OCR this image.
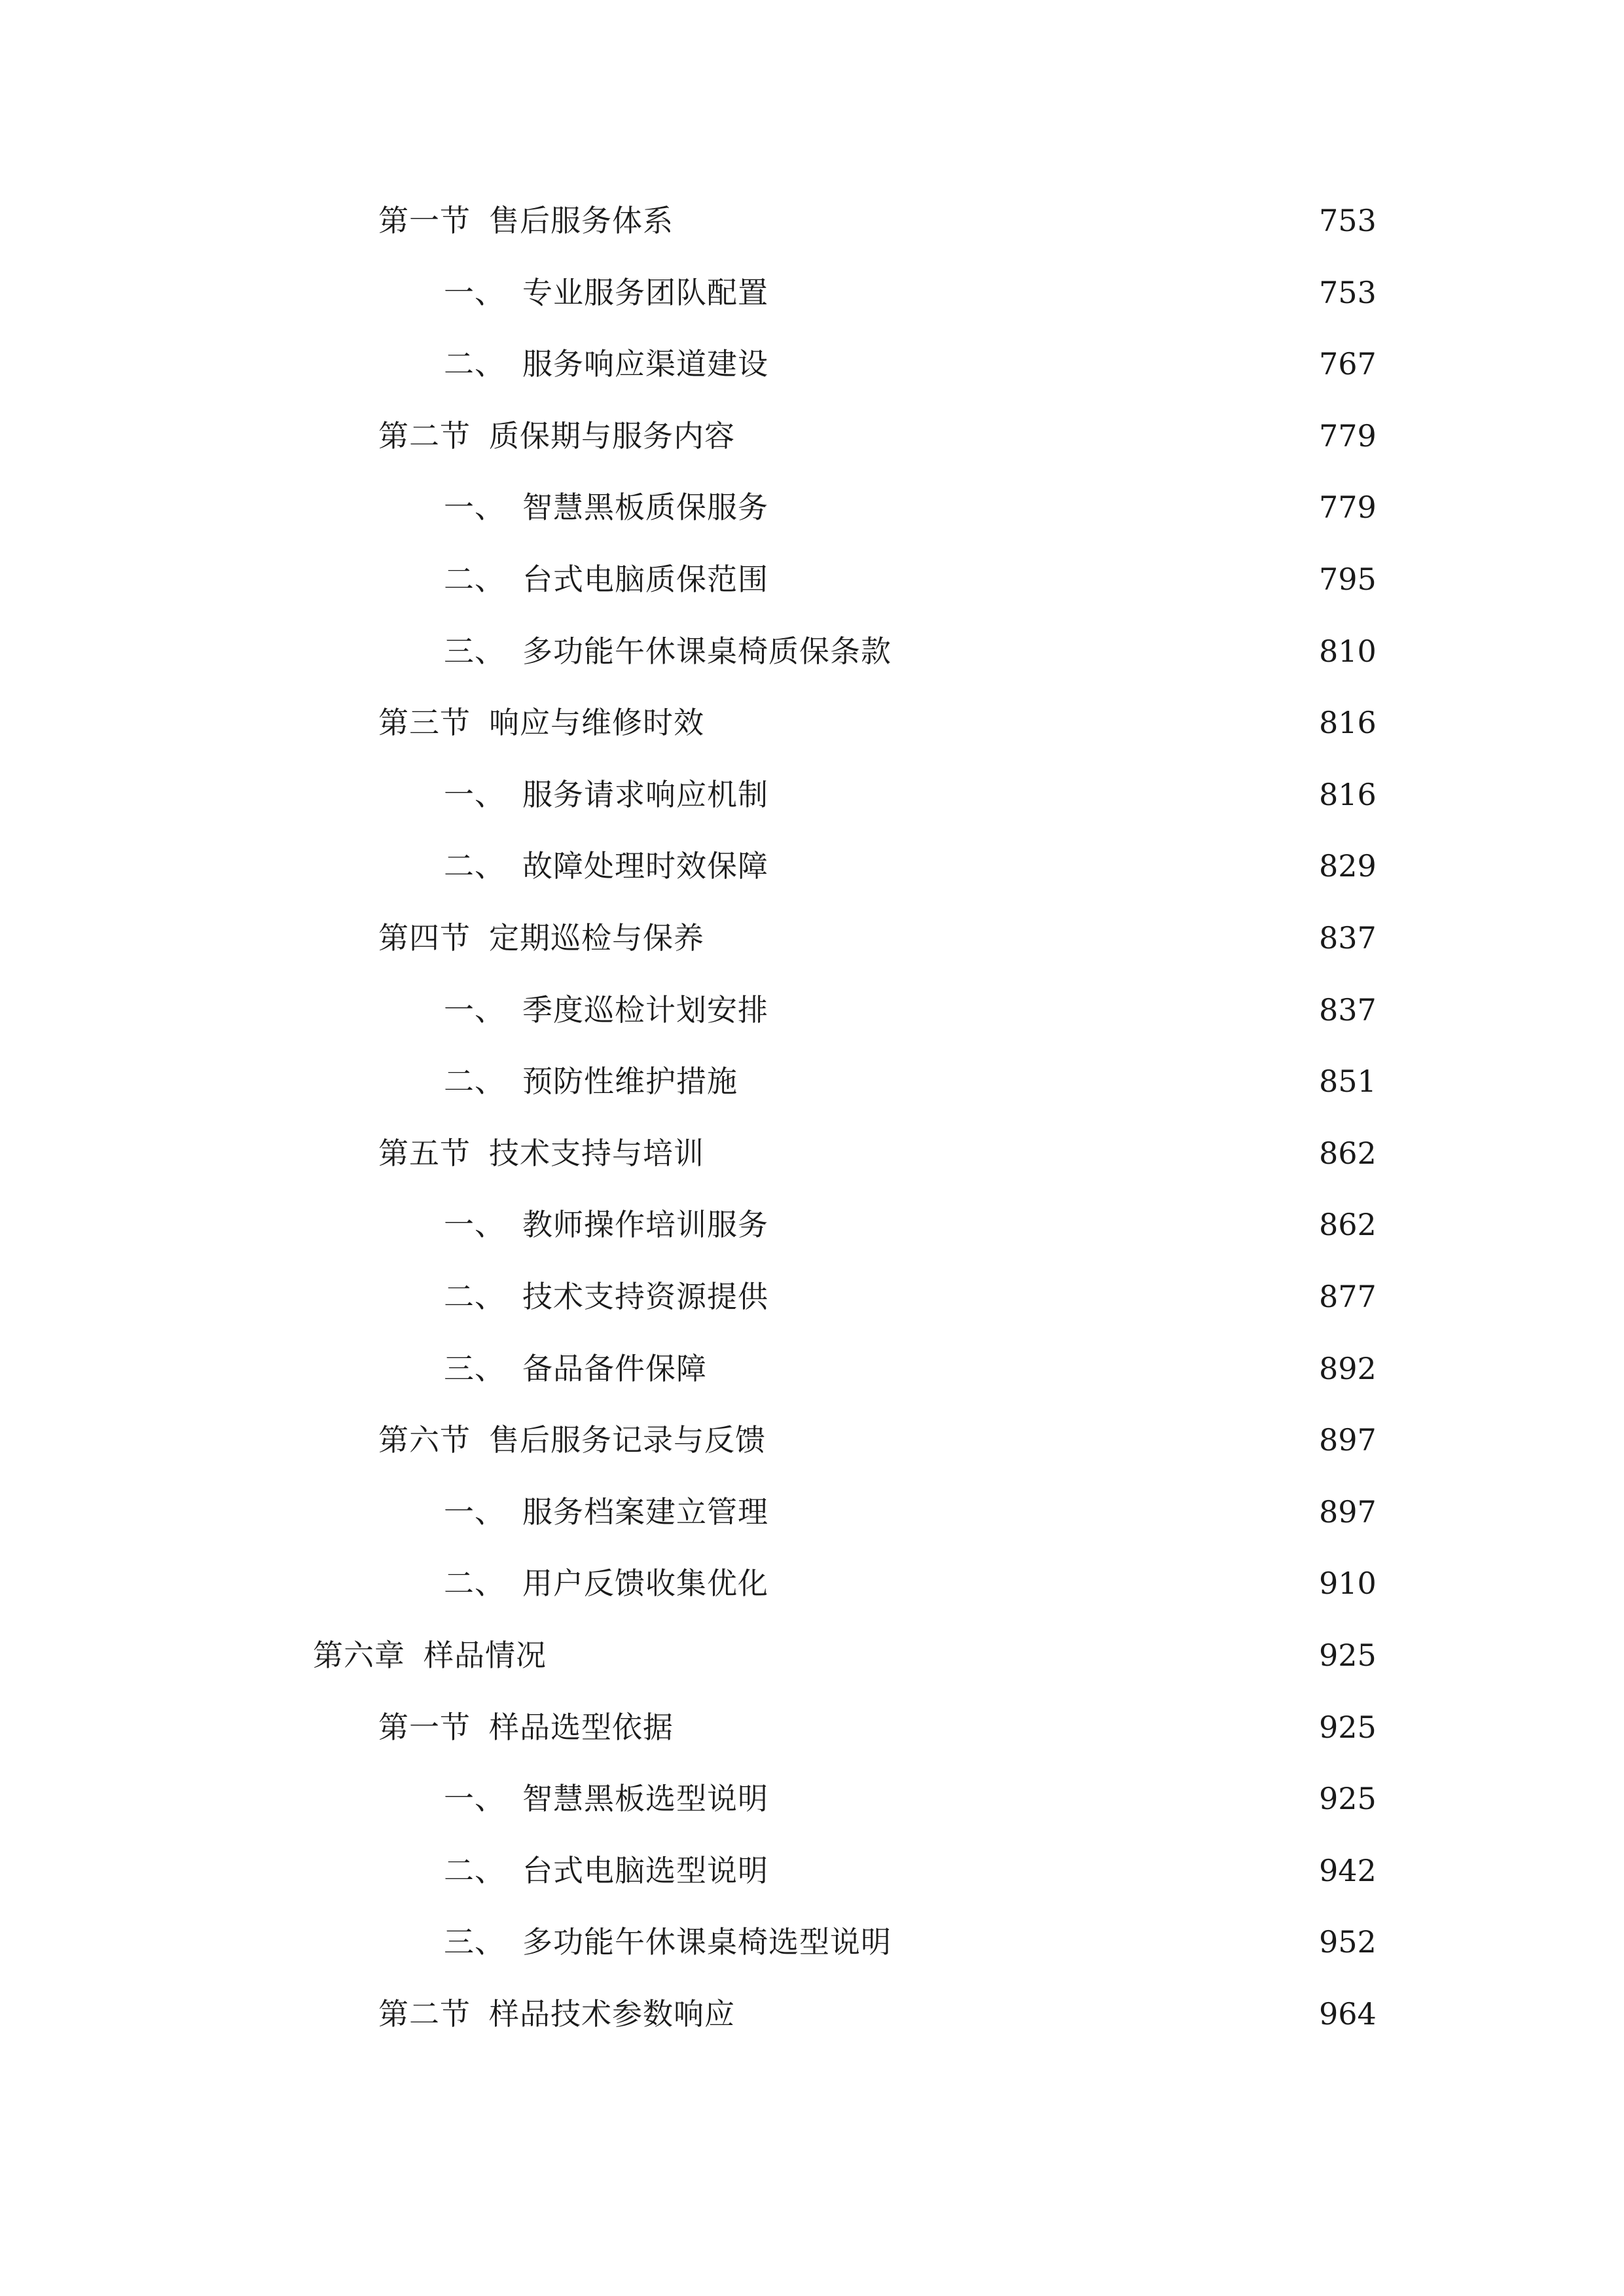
第一节 售后服务体系	753
一、 专业服务团队配置	753
二、 服务响应渠道建设	767
第二节 质保期与服务内容	779
一、 智慧黑板质保服务	779
二、 台式电脑质保范围	795
三、 多功能午休课桌椅质保条款	810
第三节 响应与维修时效	816
一、 服务请求响应机制	816
二、 故障处理时效保障	829
第四节 定期巡检与保养	837
一、 季度巡检计划安排	837
二、 预防性维护措施	851
第五节 技术支持与培训	862
一、 教师操作培训服务	862
二、 技术支持资源提供	877
三、 备品备件保障	892
第六节 售后服务记录与反馈	897
一、 服务档案建立管理	897
二、 用户反馈收集优化	910
第六章 样品情况	925
第一节 样品选型依据	925
一、 智慧黑板选型说明	925
二、 台式电脑选型说明	942
三、 多功能午休课桌椅选型说明	952
第二节 样品技术参数响应	964
